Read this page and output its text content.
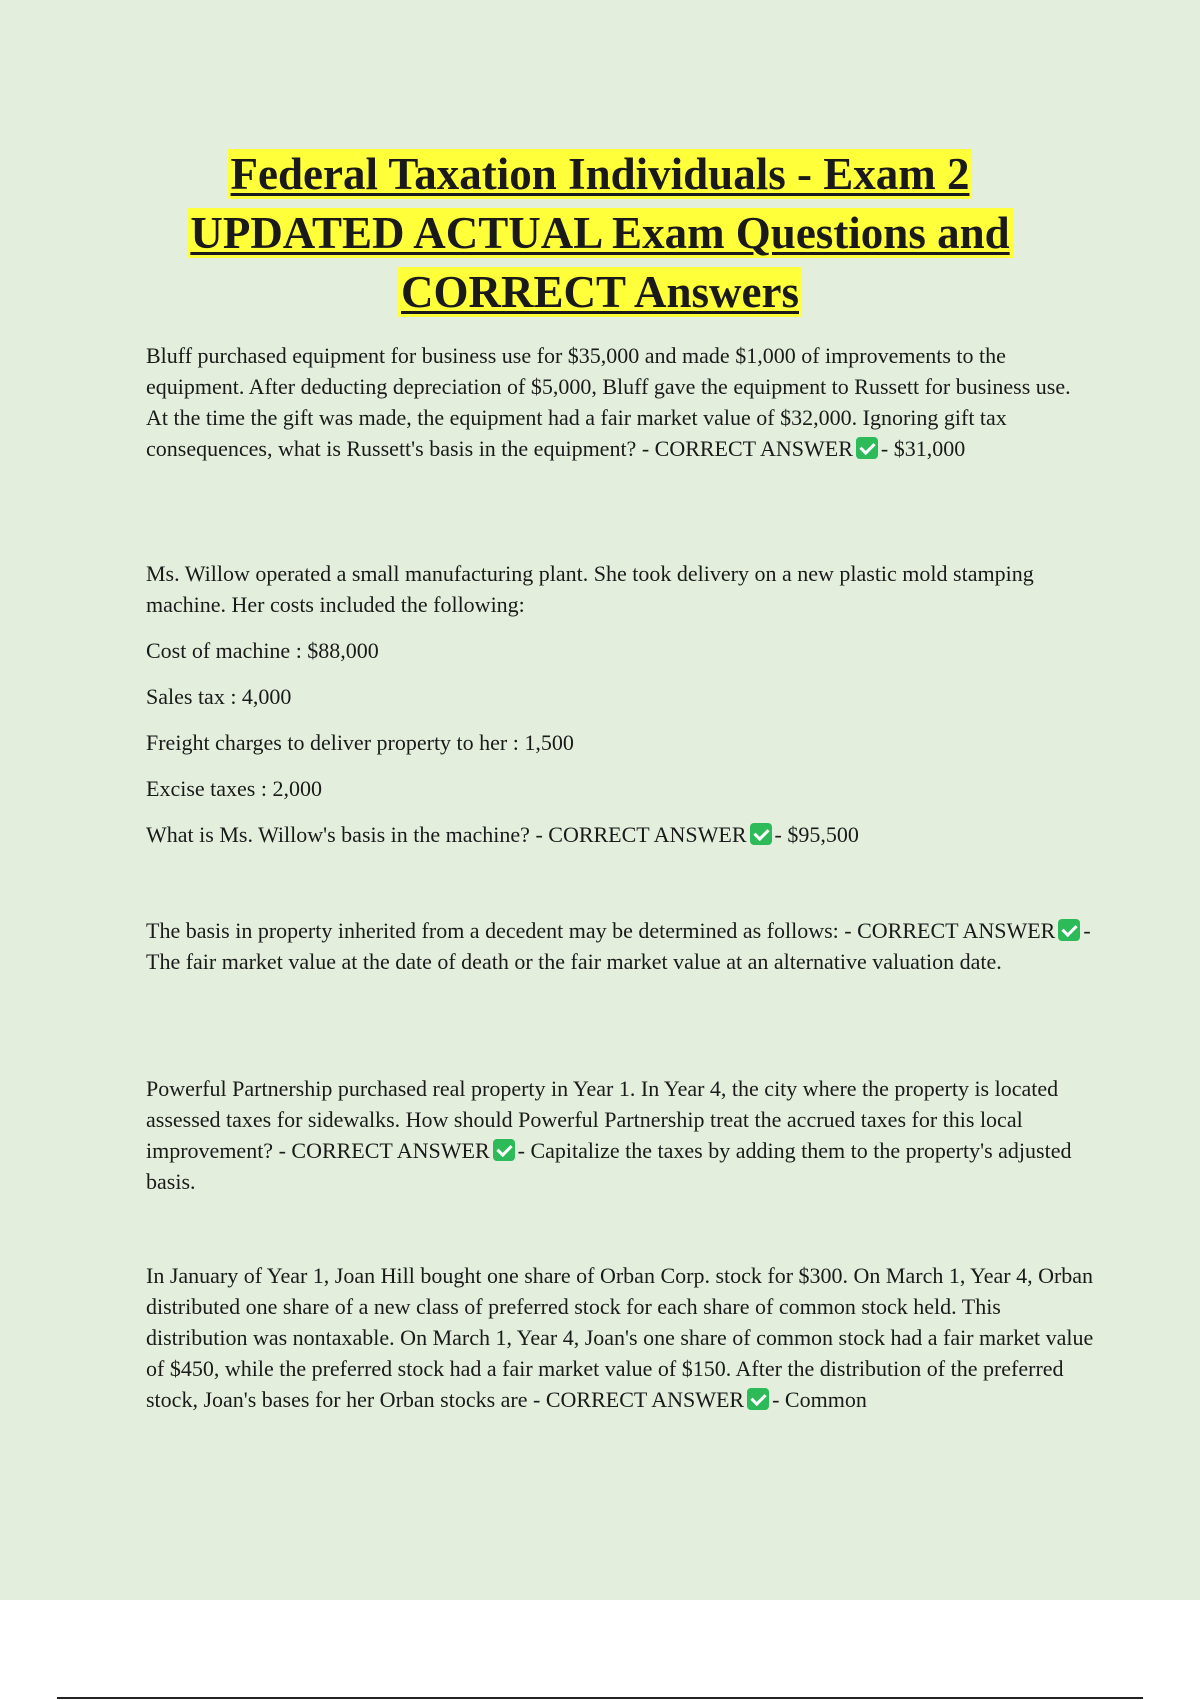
Federal Taxation Individuals - Exam 2
UPDATED ACTUAL Exam Questions and
CORRECT Answers

Bluff purchased equipment for business use for $35,000 and made $1,000 of improvements to the equipment. After deducting depreciation of $5,000, Bluff gave the equipment to Russett for business use. At the time the gift was made, the equipment had a fair market value of $32,000. Ignoring gift tax consequences, what is Russett's basis in the equipment? - CORRECT ANSWER - $31,000

Ms. Willow operated a small manufacturing plant. She took delivery on a new plastic mold stamping machine. Her costs included the following:

Cost of machine : $88,000

Sales tax : 4,000

Freight charges to deliver property to her : 1,500

Excise taxes : 2,000

What is Ms. Willow's basis in the machine? - CORRECT ANSWER - $95,500

The basis in property inherited from a decedent may be determined as follows: - CORRECT ANSWER - The fair market value at the date of death or the fair market value at an alternative valuation date.

Powerful Partnership purchased real property in Year 1. In Year 4, the city where the property is located assessed taxes for sidewalks. How should Powerful Partnership treat the accrued taxes for this local improvement? - CORRECT ANSWER - Capitalize the taxes by adding them to the property's adjusted basis.

In January of Year 1, Joan Hill bought one share of Orban Corp. stock for $300. On March 1, Year 4, Orban distributed one share of a new class of preferred stock for each share of common stock held. This distribution was nontaxable. On March 1, Year 4, Joan's one share of common stock had a fair market value of $450, while the preferred stock had a fair market value of $150. After the distribution of the preferred stock, Joan's bases for her Orban stocks are - CORRECT ANSWER - Common
